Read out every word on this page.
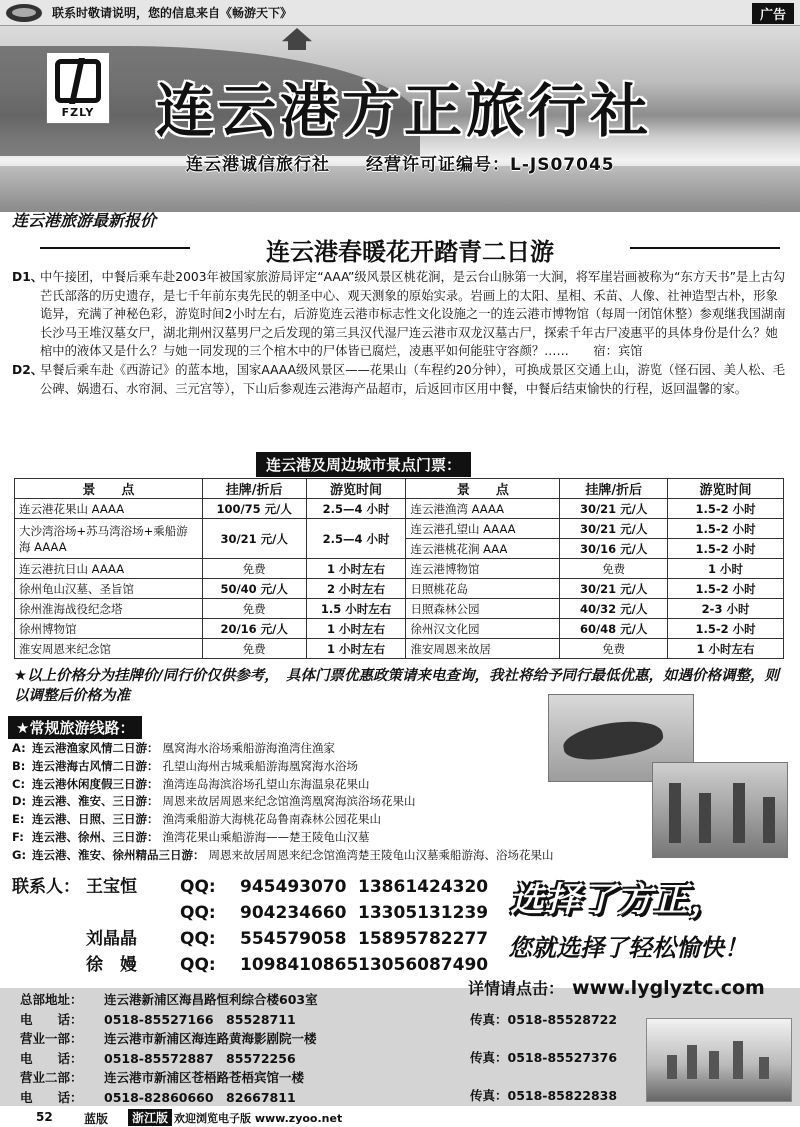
联系时敬请说明，您的信息来自《畅游天下》	广告
FZLY 连云港方正旅行社
连云港诚信旅行社 经营许可证编号：L-JS07045
连云港旅游最新报价
连云港春暖花开踏青二日游
D1、
中午接团，中餐后乘车赴2003年被国家旅游局评定“AAA”级风景区桃花涧，是云台山脉第一大涧，将军崖岩画被称为“东方天书”是上古勾芒氏部落的历史遗存，是七千年前东夷先民的朝圣中心、观天测象的原始实录。岩画上的太阳、星相、禾苗、人像、社神造型古朴，形象诡异，充满了神秘色彩，游览时间2小时左右，后游览连云港市标志性文化设施之一的连云港市博物馆（每周一闭馆休整）参观继我国湖南长沙马王堆汉墓女尸，湖北荆州汉墓男尸之后发现的第三具汉代湿尸连云港市双龙汉墓古尸，探索千年古尸凌惠平的具体身份是什么？她棺中的液体又是什么？与她一同发现的三个棺木中的尸体皆已腐烂，凌惠平如何能驻守容颜？……　　宿：宾馆
D2、
早餐后乘车赴《西游记》的蓝本地，国家AAAA级风景区——花果山（车程约20分钟），可换成景区交通上山，游览（怪石园、美人松、毛公碑、娲遗石、水帘洞、三元宫等），下山后参观连云港海产品超市，后返回市区用中餐，中餐后结束愉快的行程，返回温馨的家。
连云港及周边城市景点门票：
景　　点	挂牌/折后	游览时间	景　　点	挂牌/折后	游览时间
连云港花果山 AAAA	100/75 元/人	2.5—4 小时	连云港渔湾 AAAA	30/21 元/人	1.5-2 小时
大沙湾浴场+苏马湾浴场+乘船游海 AAAA	30/21 元/人	2.5—4 小时	连云港孔望山 AAAA	30/21 元/人	1.5-2 小时
			连云港桃花涧 AAA	30/16 元/人	1.5-2 小时
连云港抗日山 AAAA	免费	1 小时左右	连云港博物馆	免费	1 小时
徐州龟山汉墓、圣旨馆	50/40 元/人	2 小时左右	日照桃花岛	30/21 元/人	1.5-2 小时
徐州淮海战役纪念塔	免费	1.5 小时左右	日照森林公园	40/32 元/人	2-3 小时
徐州博物馆	20/16 元/人	1 小时左右	徐州汉文化园	60/48 元/人	1.5-2 小时
淮安周恩来纪念馆	免费	1 小时左右	淮安周恩来故居	免费	1 小时左右
★以上价格分为挂牌价/同行价仅供参考，　具体门票优惠政策请来电查询，我社将给予同行最低优惠，如遇价格调整，则以调整后价格为准
★常规旅游线路：
A: 连云港渔家风情二日游： 凰窝海水浴场乘船游海渔湾住渔家
B: 连云港海古风情二日游： 孔望山海州古城乘船游海凰窝海水浴场
C: 连云港休闲度假三日游： 渔湾连岛海滨浴场孔望山东海温泉花果山
D: 连云港、淮安、三日游： 周恩来故居周恩来纪念馆渔湾凰窝海滨浴场花果山
E: 连云港、日照、三日游： 渔湾乘船游大海桃花岛鲁南森林公园花果山
F: 连云港、徐州、三日游： 渔湾花果山乘船游海——楚王陵龟山汉墓
G: 连云港、淮安、徐州精品三日游： 周恩来故居周恩来纪念馆渔湾楚王陵龟山汉墓乘船游海、浴场花果山
联系人： 王宝恒	QQ:	945493070 13861424320
QQ:	904234660 13305131239
刘晶晶	QQ:	554579058 15895782277
徐　嫚	QQ:	1098410865 13056087490
选择了方正，
您就选择了轻松愉快！
总部地址：	连云港新浦区海昌路恒利综合楼603室
电　　话：	0518-85527166　85528711
营业一部：	连云港市新浦区海连路黄海影剧院一楼
电　　话：	0518-85572887　85572256
营业二部：	连云港市新浦区苍梧路苍梧宾馆一楼
电　　话：	0518-82860660　82667811
传真：0518-85528722
传真：0518-85527376
传真：0518-85822838
详情请点击： www.lyglyztc.com
52	蓝版	浙江版 欢迎浏览电子版 www.zyoo.net
